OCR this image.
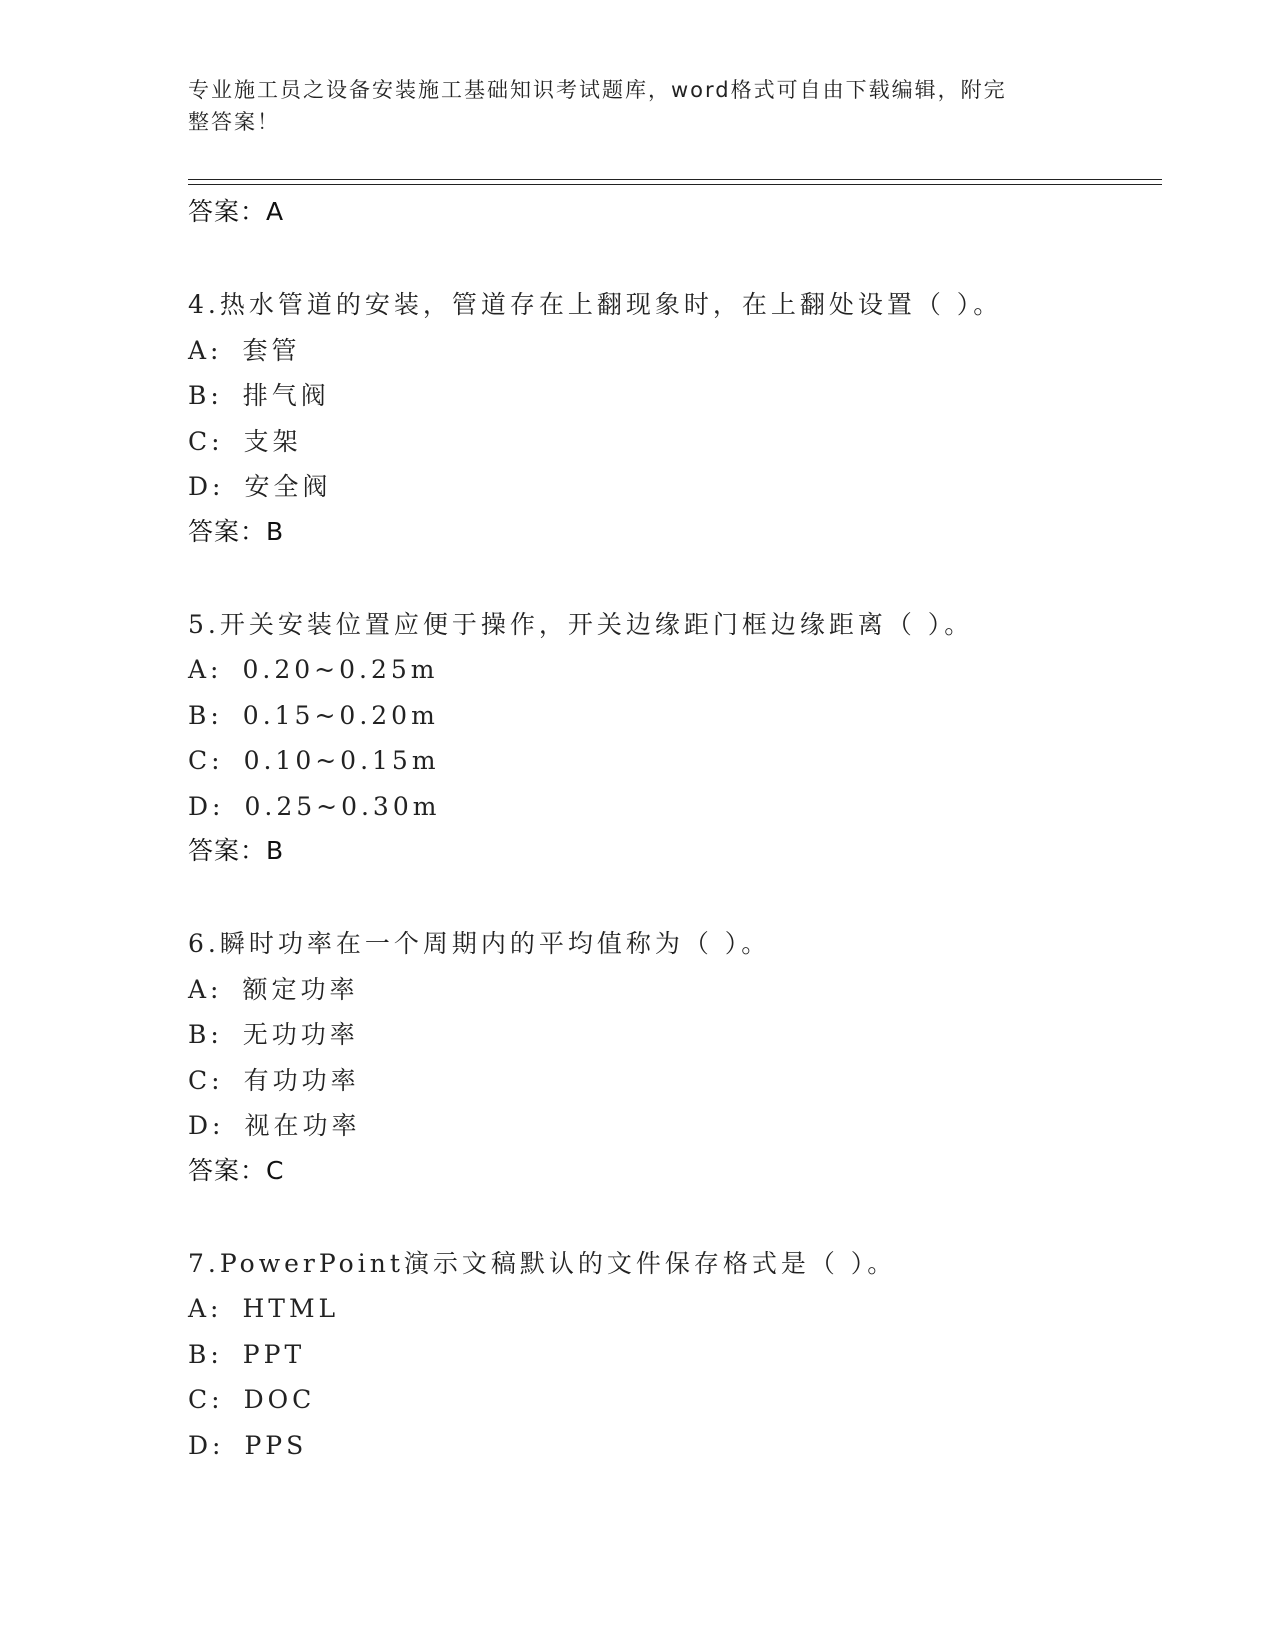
专业施工员之设备安装施工基础知识考试题库，word格式可自由下载编辑，附完
整答案！
答案：A
4.热水管道的安装，管道存在上翻现象时，在上翻处设置（ ）。
A: 套管
B: 排气阀
C: 支架
D: 安全阀
答案：B
5.开关安装位置应便于操作，开关边缘距门框边缘距离（ ）。
A: 0.20~0.25m
B: 0.15~0.20m
C: 0.10~0.15m
D: 0.25~0.30m
答案：B
6.瞬时功率在一个周期内的平均值称为（ ）。
A: 额定功率
B: 无功功率
C: 有功功率
D: 视在功率
答案：C
7.PowerPoint演示文稿默认的文件保存格式是（ ）。
A: HTML
B: PPT
C: DOC
D: PPS
